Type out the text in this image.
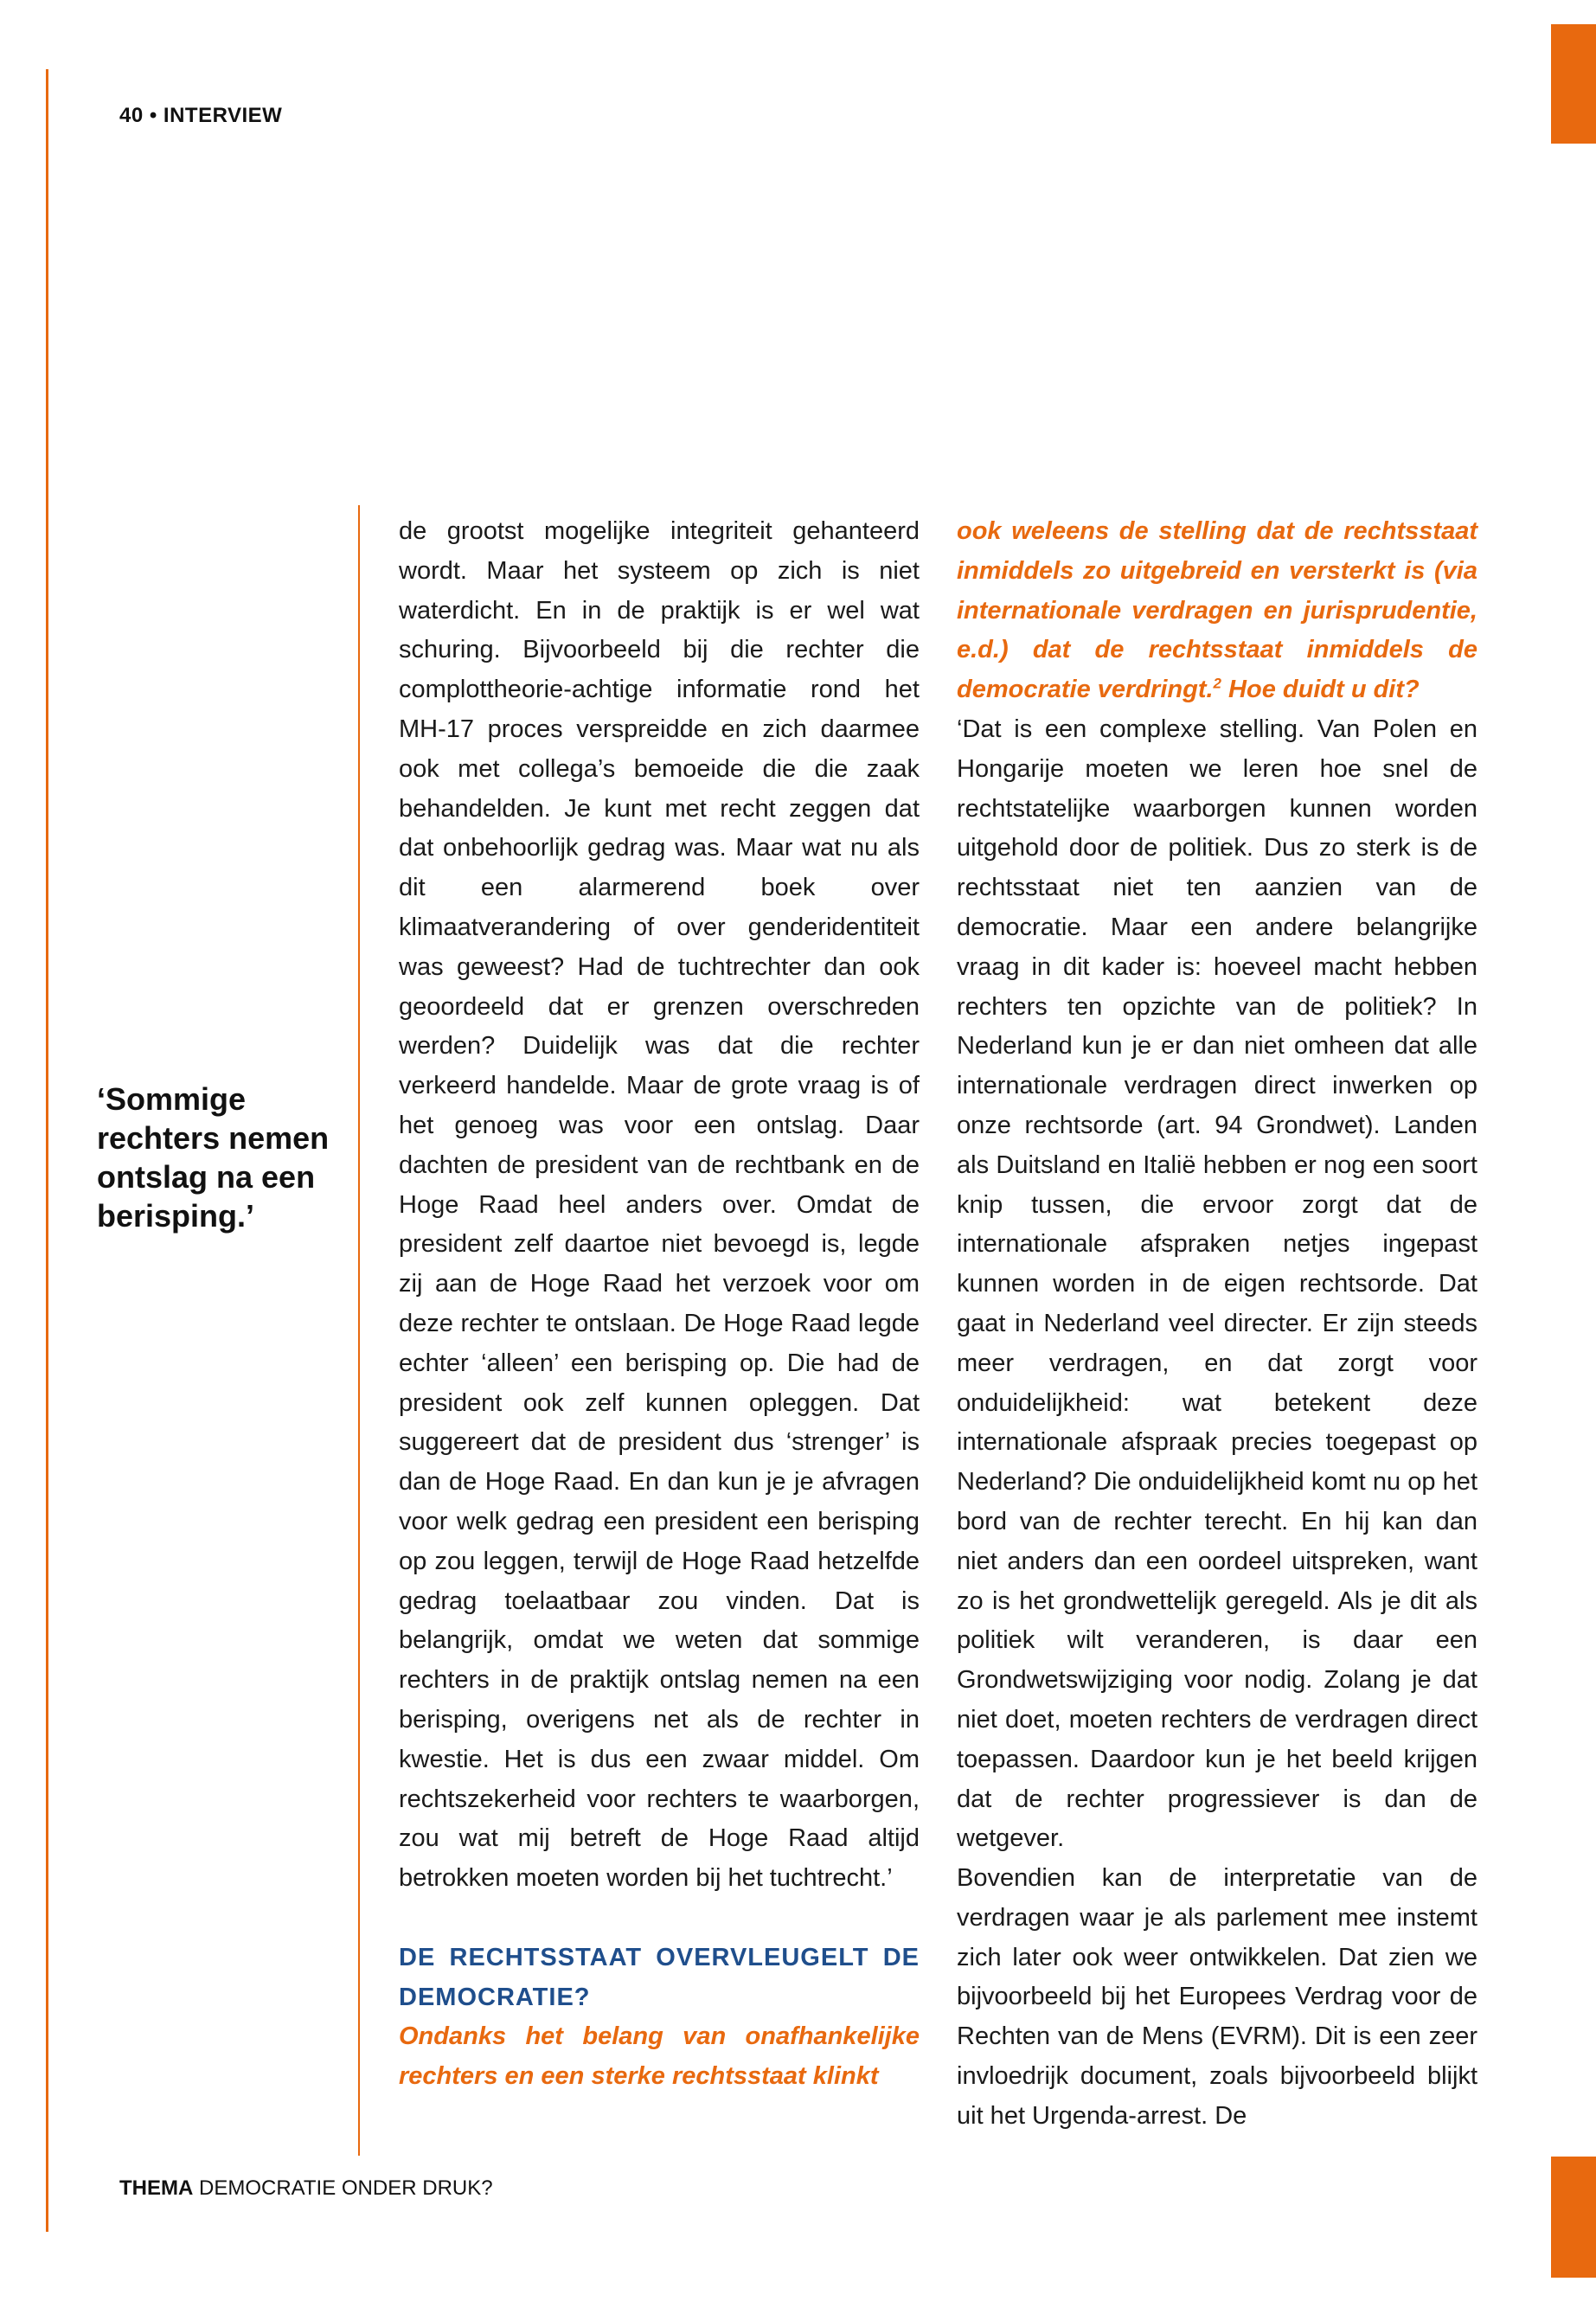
40 • INTERVIEW
‘Sommige rechters nemen ontslag na een berisping.’

de grootst mogelijke integriteit gehanteerd wordt. Maar het systeem op zich is niet waterdicht. En in de praktijk is er wel wat schuring. Bijvoorbeeld bij die rechter die complottheorie-achtige informatie rond het MH-17 proces verspreidde en zich daarmee ook met collega’s bemoeide die die zaak behandelden. Je kunt met recht zeggen dat dat onbehoorlijk gedrag was. Maar wat nu als dit een alarmerend boek over klimaatverandering of over genderidentiteit was geweest? Had de tuchtrechter dan ook geoordeeld dat er grenzen overschreden werden? Duidelijk was dat die rechter verkeerd handelde. Maar de grote vraag is of het genoeg was voor een ontslag. Daar dachten de president van de rechtbank en de Hoge Raad heel anders over. Omdat de president zelf daartoe niet bevoegd is, legde zij aan de Hoge Raad het verzoek voor om deze rechter te ontslaan. De Hoge Raad legde echter ‘alleen’ een berisping op. Die had de president ook zelf kunnen opleggen. Dat suggereert dat de president dus ‘strenger’ is dan de Hoge Raad. En dan kun je je afvragen voor welk gedrag een president een berisping op zou leggen, terwijl de Hoge Raad hetzelfde gedrag toelaatbaar zou vinden. Dat is belangrijk, omdat we weten dat sommige rechters in de praktijk ontslag nemen na een berisping, overigens net als de rechter in kwestie. Het is dus een zwaar middel. Om rechtszekerheid voor rechters te waarborgen, zou wat mij betreft de Hoge Raad altijd betrokken moeten worden bij het tuchtrecht.’

DE RECHTSSTAAT OVERVLEUGELT DE DEMOCRATIE?

Ondanks het belang van onafhankelijke rechters en een sterke rechtsstaat klinkt

ook weleens de stelling dat de rechtsstaat inmiddels zo uitgebreid en versterkt is (via internationale verdragen en jurisprudentie, e.d.) dat de rechtsstaat inmiddels de democratie verdringt.$^2$ Hoe duidt u dit?

‘Dat is een complexe stelling. Van Polen en Hongarije moeten we leren hoe snel de rechtstatelijke waarborgen kunnen worden uitgehold door de politiek. Dus zo sterk is de rechtsstaat niet ten aanzien van de democratie. Maar een andere belangrijke vraag in dit kader is: hoeveel macht hebben rechters ten opzichte van de politiek? In Nederland kun je er dan niet omheen dat alle internationale verdragen direct inwerken op onze rechtsorde (art. 94 Grondwet). Landen als Duitsland en Italië hebben er nog een soort knip tussen, die ervoor zorgt dat de internationale afspraken netjes ingepast kunnen worden in de eigen rechtsorde. Dat gaat in Nederland veel directer. Er zijn steeds meer verdragen, en dat zorgt voor onduidelijkheid: wat betekent deze internationale afspraak precies toegepast op Nederland? Die onduidelijkheid komt nu op het bord van de rechter terecht. En hij kan dan niet anders dan een oordeel uitspreken, want zo is het grondwettelijk geregeld. Als je dit als politiek wilt veranderen, is daar een Grondwetswijziging voor nodig. Zolang je dat niet doet, moeten rechters de verdragen direct toepassen. Daardoor kun je het beeld krijgen dat de rechter progressiever is dan de wetgever.

Bovendien kan de interpretatie van de verdragen waar je als parlement mee instemt zich later ook weer ontwikkelen. Dat zien we bijvoorbeeld bij het Europees Verdrag voor de Rechten van de Mens (EVRM). Dit is een zeer invloedrijk document, zoals bijvoorbeeld blijkt uit het Urgenda-arrest. De

THEMA DEMOCRATIE ONDER DRUK?
